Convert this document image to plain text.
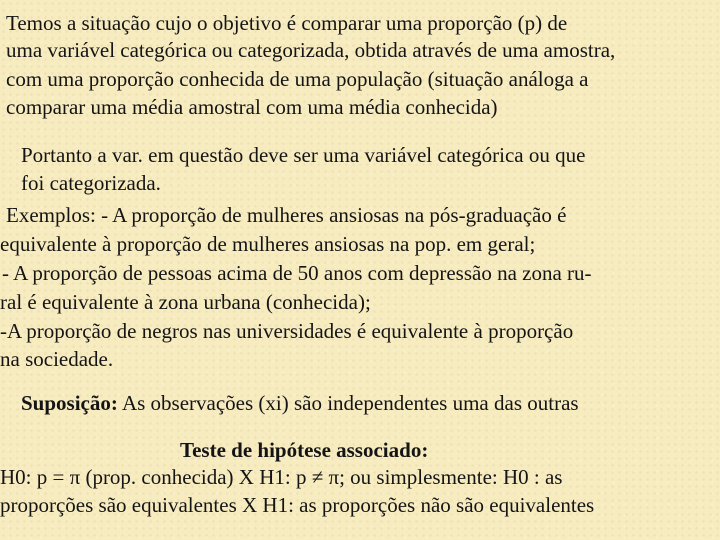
Temos a situação cujo o objetivo é comparar uma proporção (p) de

uma variável categórica ou categorizada, obtida através de uma amostra,

com uma proporção conhecida de uma população (situação análoga a

comparar uma média amostral com uma média conhecida)

Portanto a var. em questão deve ser uma variável categórica ou que

foi categorizada.

Exemplos: - A proporção de mulheres ansiosas na pós-graduação é

equivalente à proporção de mulheres ansiosas na pop. em geral;

- A proporção de pessoas acima de 50 anos com depressão na zona ru-

ral é equivalente à zona urbana (conhecida);

-A proporção de negros nas universidades é equivalente à proporção

na sociedade.

Suposição: As observações (xi) são independentes uma das outras

Teste de hipótese associado:

H0: p = π (prop. conhecida) X H1: p ≠ π; ou simplesmente: H0 : as

proporções são equivalentes X H1: as proporções não são equivalentes
